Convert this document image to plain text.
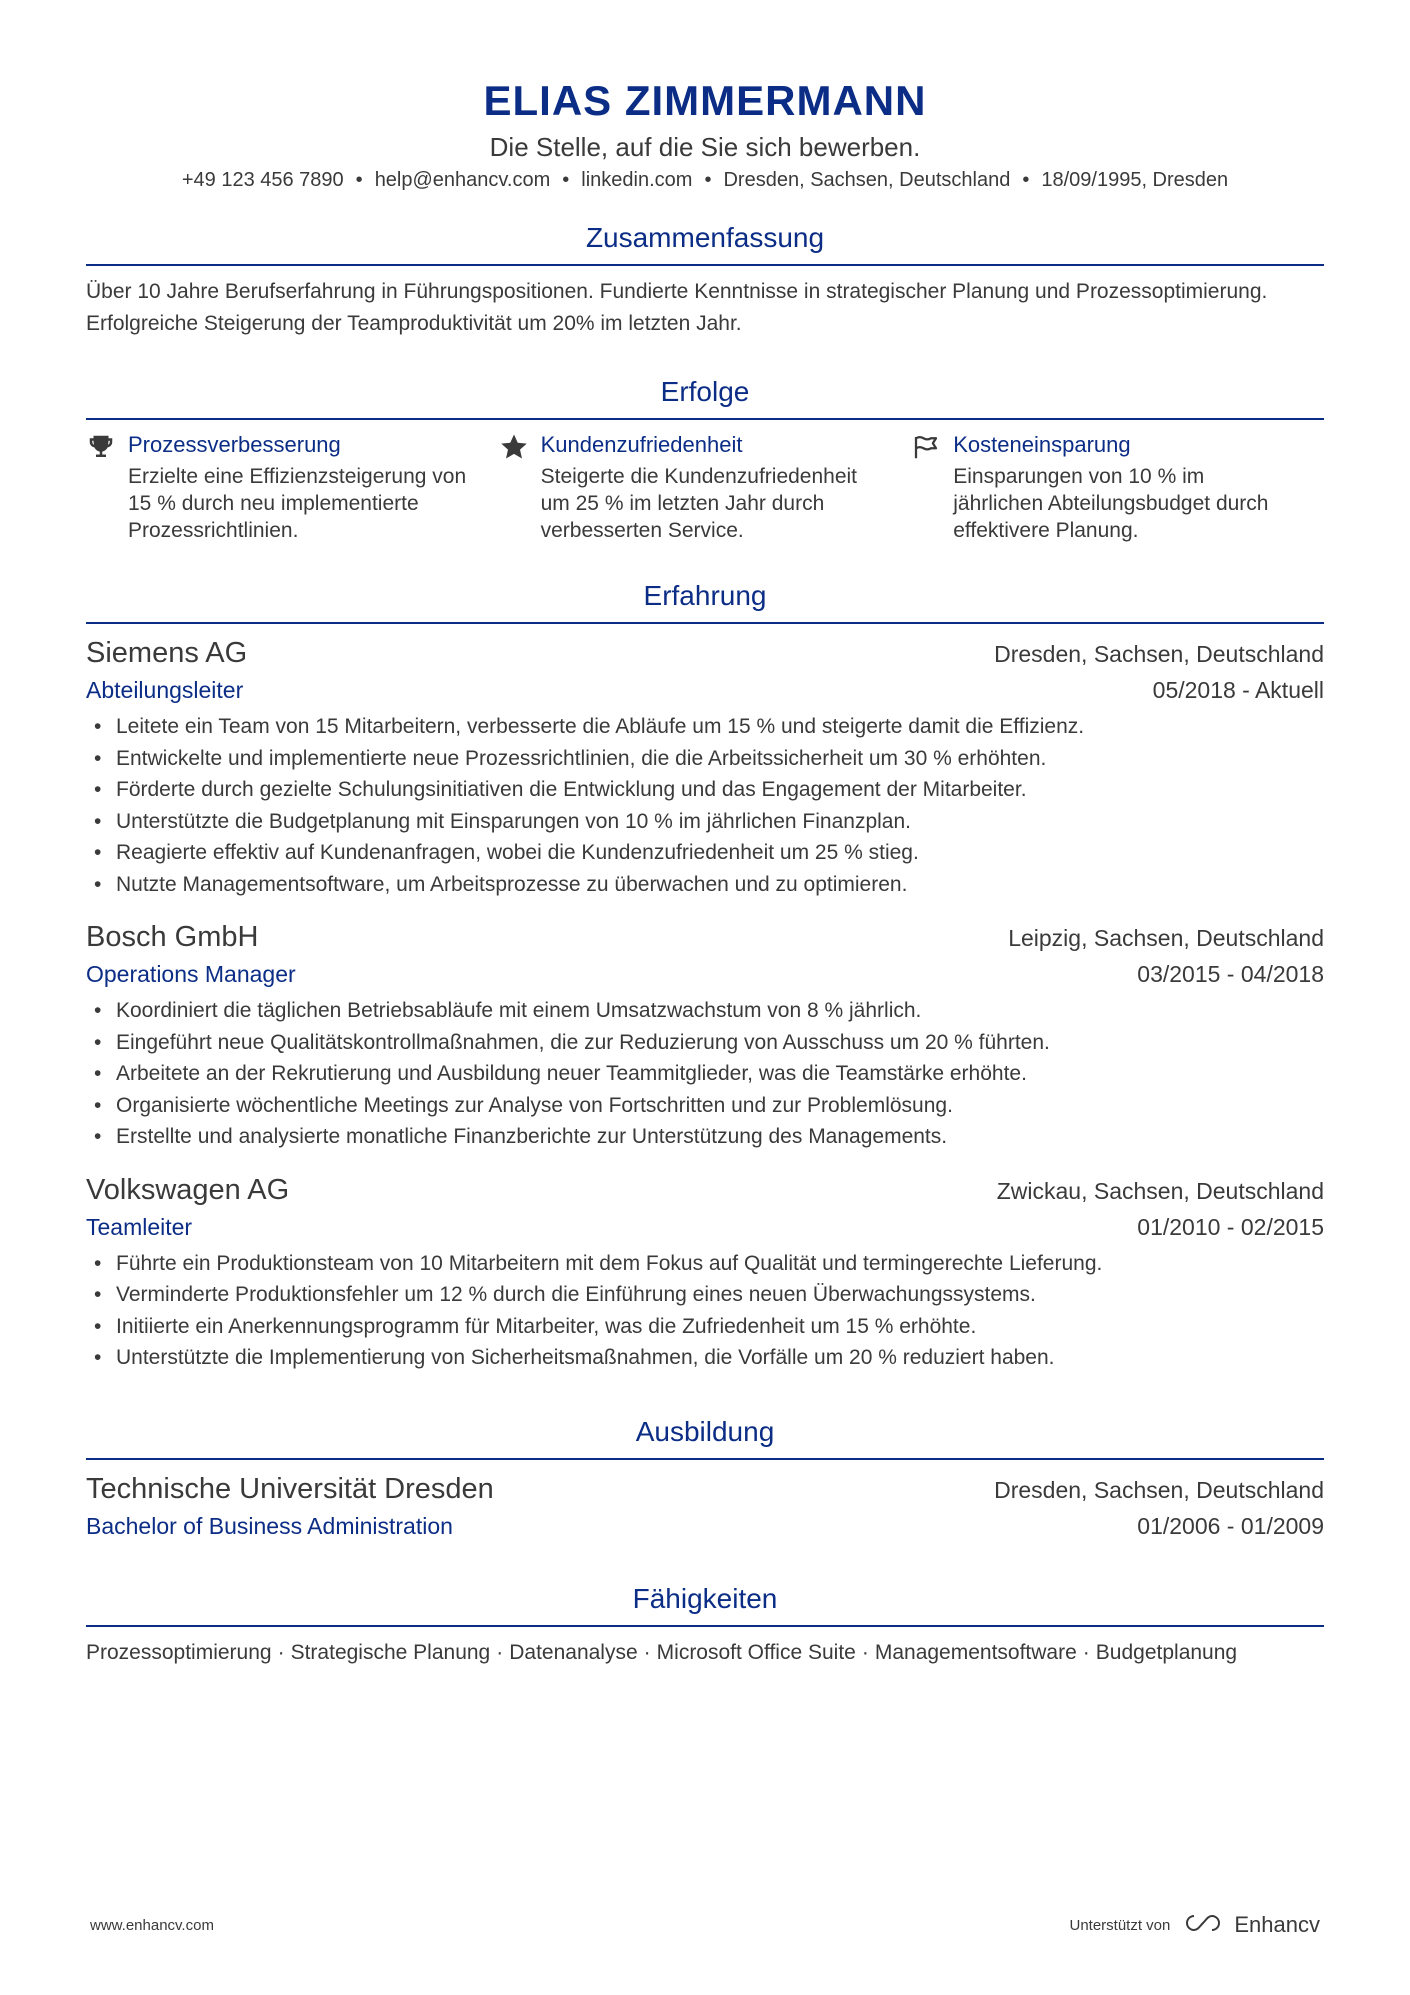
ELIAS ZIMMERMANN
Die Stelle, auf die Sie sich bewerben.
+49 123 456 7890 • help@enhancv.com • linkedin.com • Dresden, Sachsen, Deutschland • 18/09/1995, Dresden
Zusammenfassung
Über 10 Jahre Berufserfahrung in Führungspositionen. Fundierte Kenntnisse in strategischer Planung und Prozessoptimierung. Erfolgreiche Steigerung der Teamproduktivität um 20% im letzten Jahr.
Erfolge
Prozessverbesserung
Erzielte eine Effizienzsteigerung von 15 % durch neu implementierte Prozessrichtlinien.
Kundenzufriedenheit
Steigerte die Kundenzufriedenheit um 25 % im letzten Jahr durch verbesserten Service.
Kosteneinsparung
Einsparungen von 10 % im jährlichen Abteilungsbudget durch effektivere Planung.
Erfahrung
Siemens AG	Dresden, Sachsen, Deutschland
Abteilungsleiter	05/2018 - Aktuell
• Leitete ein Team von 15 Mitarbeitern, verbesserte die Abläufe um 15 % und steigerte damit die Effizienz.
• Entwickelte und implementierte neue Prozessrichtlinien, die die Arbeitssicherheit um 30 % erhöhten.
• Förderte durch gezielte Schulungsinitiativen die Entwicklung und das Engagement der Mitarbeiter.
• Unterstützte die Budgetplanung mit Einsparungen von 10 % im jährlichen Finanzplan.
• Reagierte effektiv auf Kundenanfragen, wobei die Kundenzufriedenheit um 25 % stieg.
• Nutzte Managementsoftware, um Arbeitsprozesse zu überwachen und zu optimieren.
Bosch GmbH	Leipzig, Sachsen, Deutschland
Operations Manager	03/2015 - 04/2018
• Koordiniert die täglichen Betriebsabläufe mit einem Umsatzwachstum von 8 % jährlich.
• Eingeführt neue Qualitätskontrollmaßnahmen, die zur Reduzierung von Ausschuss um 20 % führten.
• Arbeitete an der Rekrutierung und Ausbildung neuer Teammitglieder, was die Teamstärke erhöhte.
• Organisierte wöchentliche Meetings zur Analyse von Fortschritten und zur Problemlösung.
• Erstellte und analysierte monatliche Finanzberichte zur Unterstützung des Managements.
Volkswagen AG	Zwickau, Sachsen, Deutschland
Teamleiter	01/2010 - 02/2015
• Führte ein Produktionsteam von 10 Mitarbeitern mit dem Fokus auf Qualität und termingerechte Lieferung.
• Verminderte Produktionsfehler um 12 % durch die Einführung eines neuen Überwachungssystems.
• Initiierte ein Anerkennungsprogramm für Mitarbeiter, was die Zufriedenheit um 15 % erhöhte.
• Unterstützte die Implementierung von Sicherheitsmaßnahmen, die Vorfälle um 20 % reduziert haben.
Ausbildung
Technische Universität Dresden	Dresden, Sachsen, Deutschland
Bachelor of Business Administration	01/2006 - 01/2009
Fähigkeiten
Prozessoptimierung · Strategische Planung · Datenanalyse · Microsoft Office Suite · Managementsoftware · Budgetplanung
www.enhancv.com	Unterstützt von	Enhancv
